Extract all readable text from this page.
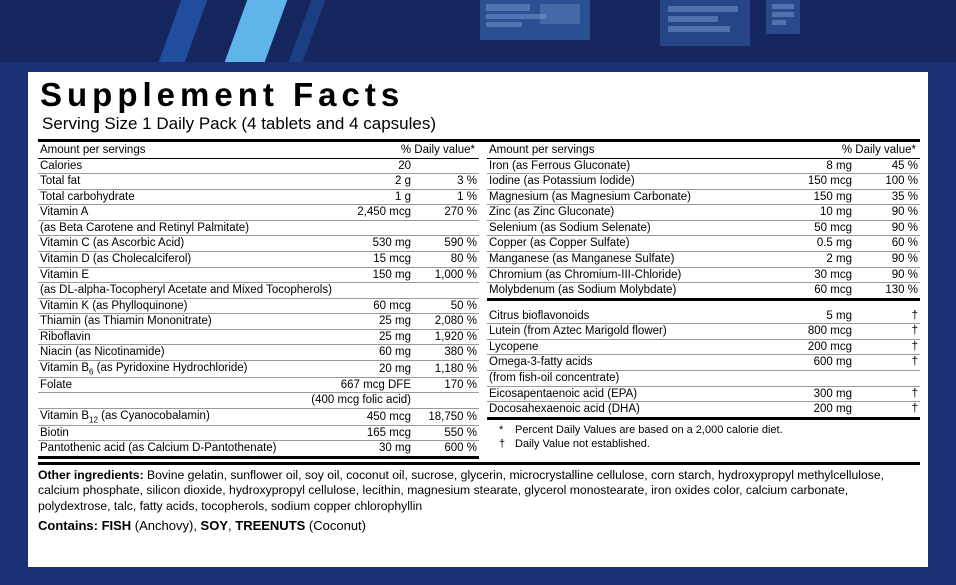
Supplement Facts
Serving Size 1 Daily Pack (4 tablets and 4 capsules)
Amount per servings	% Daily value*
Calories	20	
Total fat	2 g	3 %
Total carbohydrate	1 g	1 %
Vitamin A	2,450 mcg	270 %
(as Beta Carotene and Retinyl Palmitate)		
Vitamin C (as Ascorbic Acid)	530 mg	590 %
Vitamin D (as Cholecalciferol)	15 mcg	80 %
Vitamin E	150 mg	1,000 %
(as DL-alpha-Tocopheryl Acetate and Mixed Tocopherols)		
Vitamin K (as Phylloquinone)	60 mcg	50 %
Thiamin (as Thiamin Mononitrate)	25 mg	2,080 %
Riboflavin	25 mg	1,920 %
Niacin (as Nicotinamide)	60 mg	380 %
Vitamin $B_6$ (as Pyridoxine Hydrochloride)	20 mg	1,180 %
Folate	667 mcg DFE	170 %
	(400 mcg folic acid)	
Vitamin $B_{12}$ (as Cyanocobalamin)	450 mcg	18,750 %
Biotin	165 mcg	550 %
Pantothenic acid (as Calcium D-Pantothenate)	30 mg	600 %
Amount per servings	% Daily value*
Iron (as Ferrous Gluconate)	8 mg	45 %
Iodine (as Potassium Iodide)	150 mcg	100 %
Magnesium (as Magnesium Carbonate)	150 mg	35 %
Zinc (as Zinc Gluconate)	10 mg	90 %
Selenium (as Sodium Selenate)	50 mcg	90 %
Copper (as Copper Sulfate)	0.5 mg	60 %
Manganese (as Manganese Sulfate)	2 mg	90 %
Chromium (as Chromium-III-Chloride)	30 mcg	90 %
Molybdenum (as Sodium Molybdate)	60 mcg	130 %
Citrus bioflavonoids	5 mg	†
Lutein (from Aztec Marigold flower)	800 mcg	†
Lycopene	200 mcg	†
Omega-3-fatty acids	600 mg	†
(from fish-oil concentrate)		
Eicosapentaenoic acid (EPA)	300 mg	†
Docosahexaenoic acid (DHA)	200 mg	†
*	Percent Daily Values are based on a 2,000 calorie diet.
† Daily Value not established.
Other ingredients: Bovine gelatin, sunflower oil, soy oil, coconut oil, sucrose, glycerin, microcrystalline cellulose, corn starch, hydroxypropyl methylcellulose, calcium phosphate, silicon dioxide, hydroxypropyl cellulose, lecithin, magnesium stearate, glycerol monostearate, iron oxides color, calcium carbonate, polydextrose, talc, fatty acids, tocopherols, sodium copper chlorophyllin
Contains: FISH (Anchovy), SOY, TREENUTS (Coconut)
